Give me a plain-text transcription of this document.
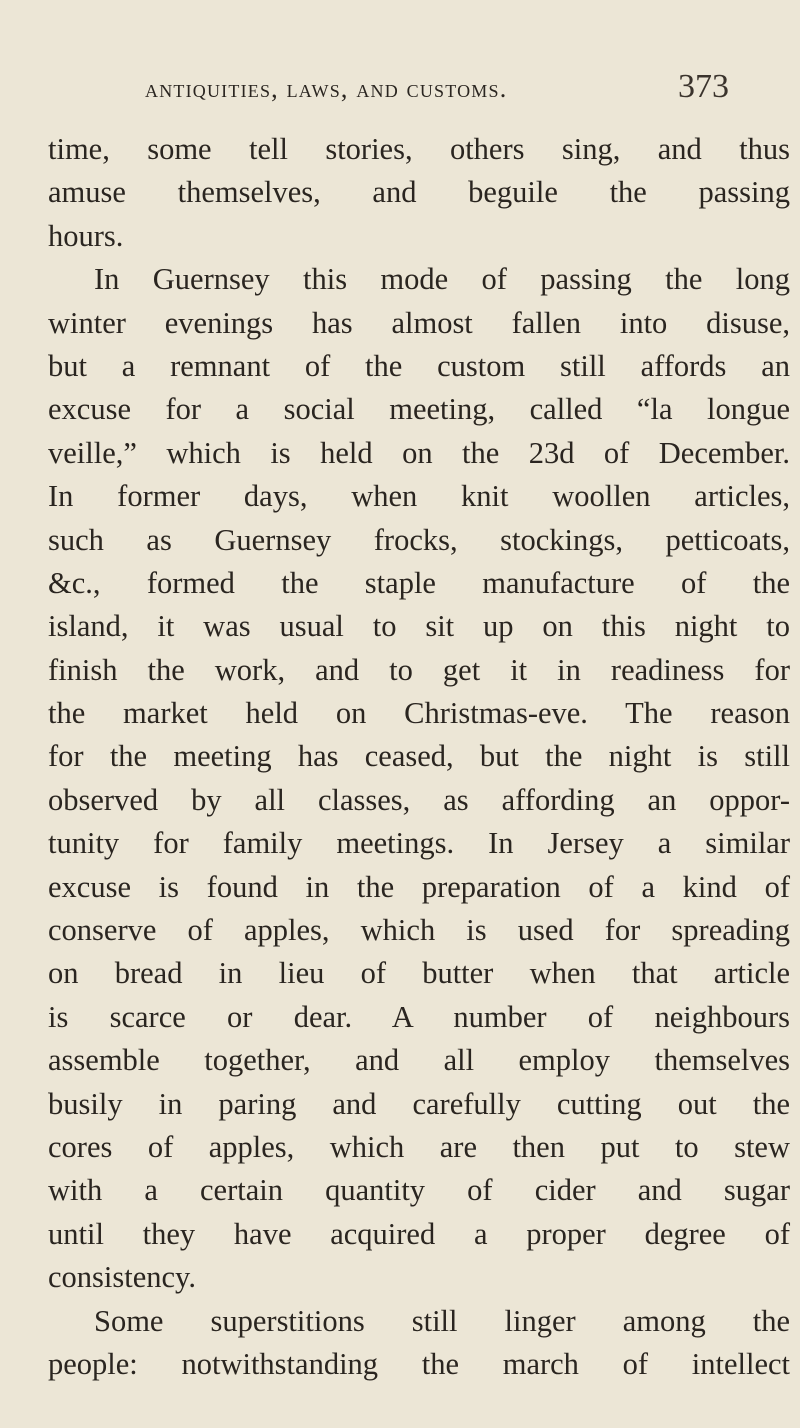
antiquities, laws, and customs.	373
time, some tell stories, others sing, and thus
amuse themselves, and beguile the passing
hours.
In Guernsey this mode of passing the long
winter evenings has almost fallen into disuse,
but a remnant of the custom still affords an
excuse for a social meeting, called “la longue
veille,” which is held on the 23d of December.
In former days, when knit woollen articles,
such as Guernsey frocks, stockings, petticoats,
&c., formed the staple manufacture of the
island, it was usual to sit up on this night to
finish the work, and to get it in readiness for
the market held on Christmas-eve. The reason
for the meeting has ceased, but the night is still
observed by all classes, as affording an oppor-
tunity for family meetings. In Jersey a similar
excuse is found in the preparation of a kind of
conserve of apples, which is used for spreading
on bread in lieu of butter when that article
is scarce or dear. A number of neighbours
assemble together, and all employ themselves
busily in paring and carefully cutting out the
cores of apples, which are then put to stew
with a certain quantity of cider and sugar
until they have acquired a proper degree of
consistency.
Some superstitions still linger among the
people: notwithstanding the march of intellect
